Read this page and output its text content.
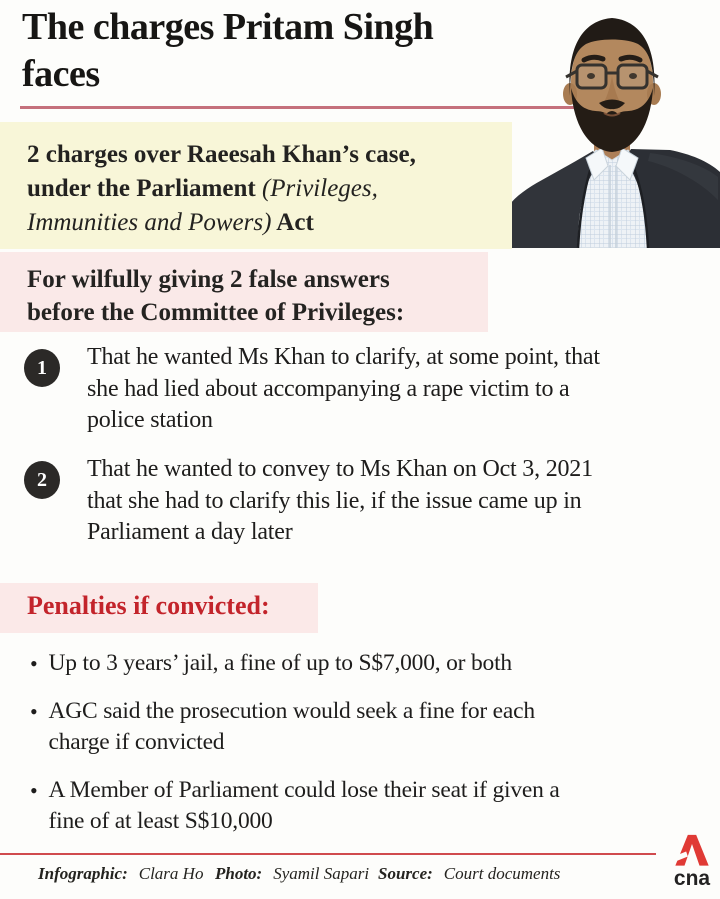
The charges Pritam Singh
faces
2 charges over Raeesah Khan’s case,
under the Parliament (Privileges,
Immunities and Powers) Act
For wilfully giving 2 false answers
before the Committee of Privileges:
1	That he wanted Ms Khan to clarify, at some point, that
she had lied about accompanying a rape victim to a
police station
2	That he wanted to convey to Ms Khan on Oct 3, 2021
that she had to clarify this lie, if the issue came up in
Parliament a day later
Penalties if convicted:
• Up to 3 years’ jail, a fine of up to S$7,000, or both
• AGC said the prosecution would seek a fine for each
charge if convicted
• A Member of Parliament could lose their seat if given a
fine of at least S$10,000
Infographic: Clara Ho Photo: Syamil Sapari Source: Court documents	cna
